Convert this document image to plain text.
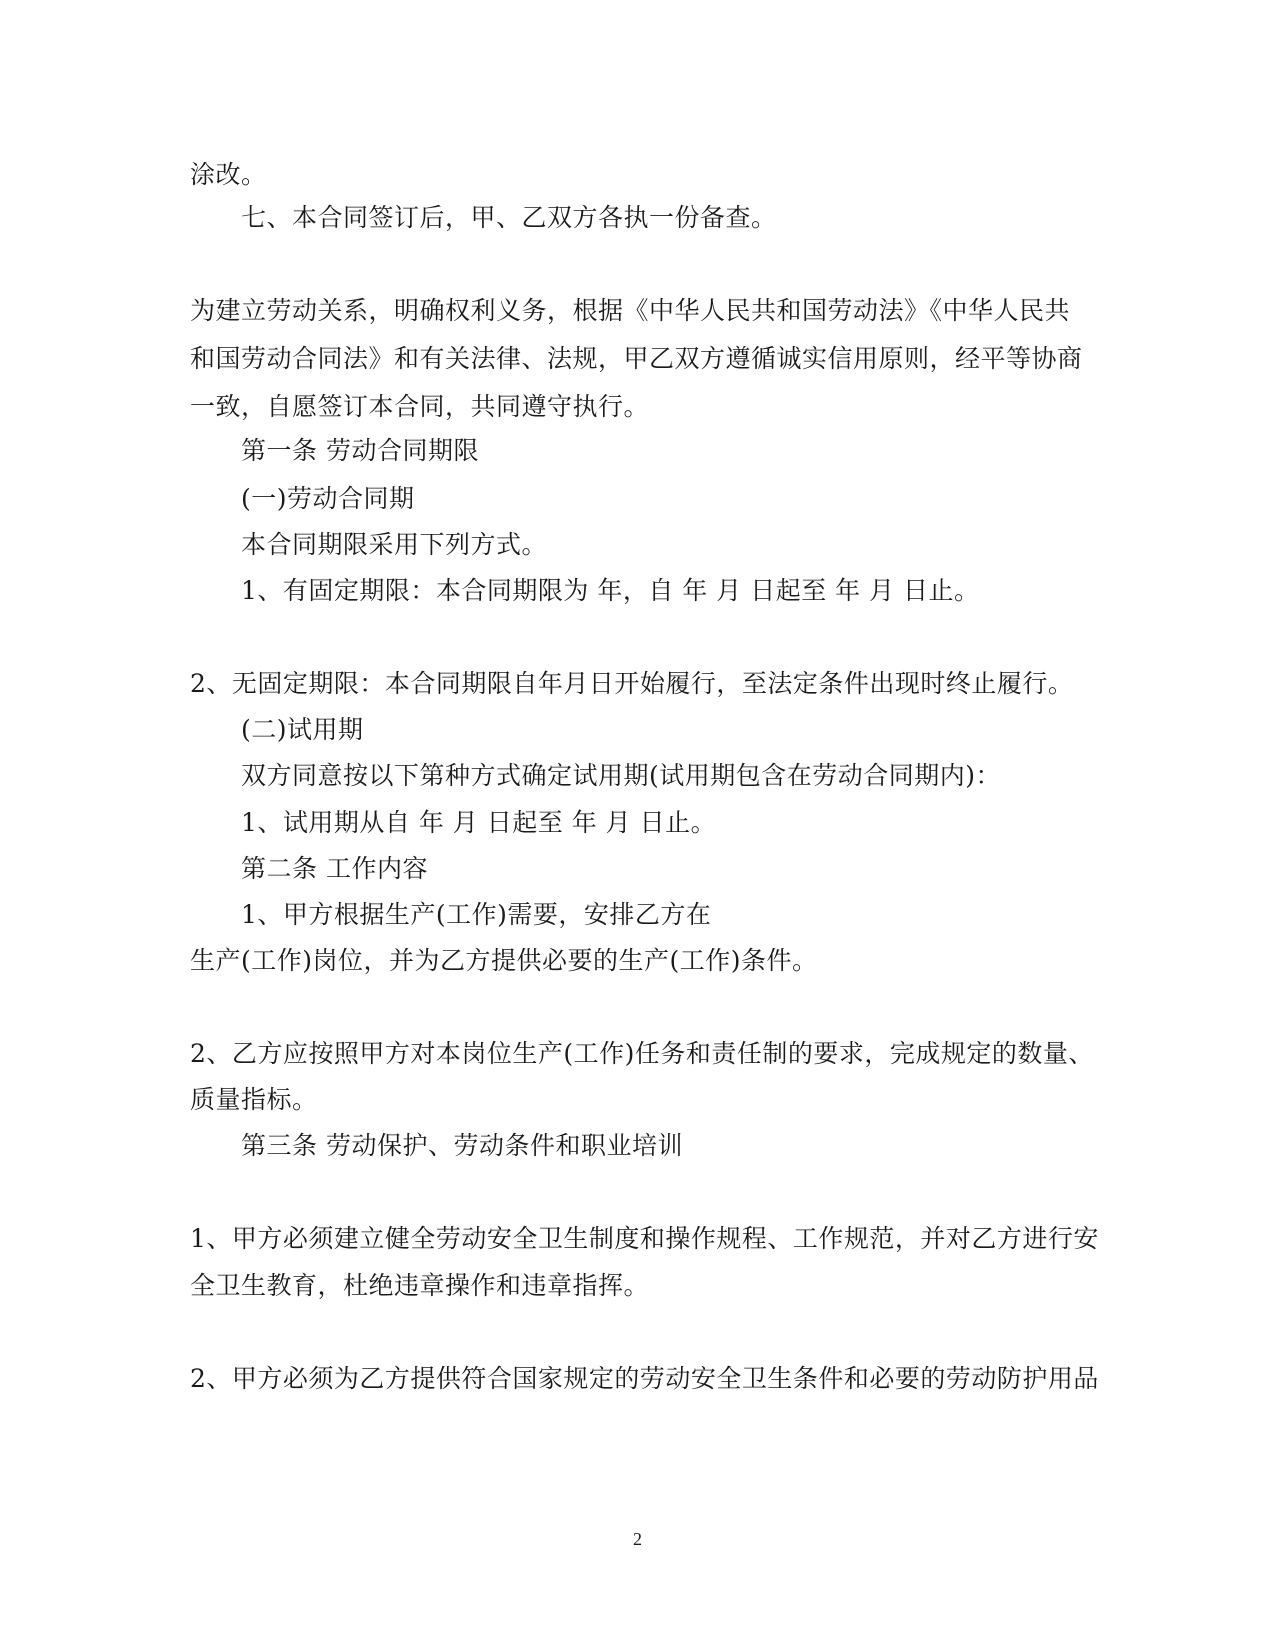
涂改。
七、本合同签订后，甲、乙双方各执一份备查。
为建立劳动关系，明确权利义务，根据《中华人民共和国劳动法》《中华人民共
和国劳动合同法》和有关法律、法规，甲乙双方遵循诚实信用原则，经平等协商
一致，自愿签订本合同，共同遵守执行。
第一条 劳动合同期限
(一)劳动合同期
本合同期限采用下列方式。
1、有固定期限：本合同期限为 年，自 年 月 日起至 年 月 日止。
2、无固定期限：本合同期限自年月日开始履行，至法定条件出现时终止履行。
(二)试用期
双方同意按以下第种方式确定试用期(试用期包含在劳动合同期内)：
1、试用期从自 年 月 日起至 年 月 日止。
第二条 工作内容
1、甲方根据生产(工作)需要，安排乙方在
生产(工作)岗位，并为乙方提供必要的生产(工作)条件。
2、乙方应按照甲方对本岗位生产(工作)任务和责任制的要求，完成规定的数量、
质量指标。
第三条 劳动保护、劳动条件和职业培训
1、甲方必须建立健全劳动安全卫生制度和操作规程、工作规范，并对乙方进行安
全卫生教育，杜绝违章操作和违章指挥。
2、甲方必须为乙方提供符合国家规定的劳动安全卫生条件和必要的劳动防护用品
2
